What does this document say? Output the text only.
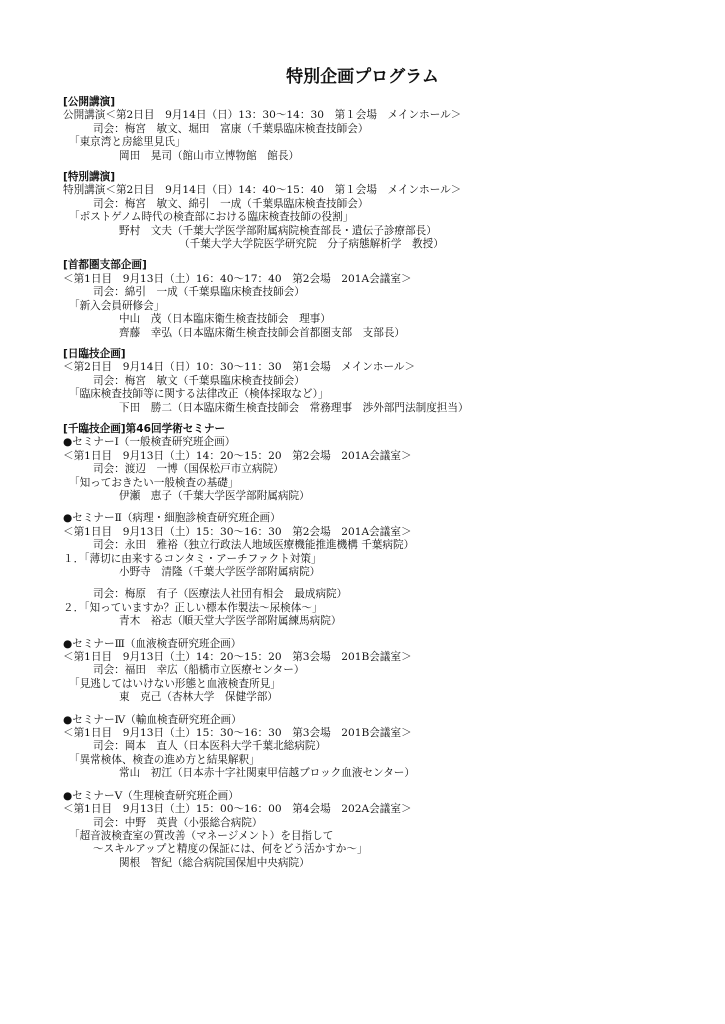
特別企画プログラム
[公開講演]
公開講演＜第2日目　9月14日（日）13：30～14：30　第１会場　メインホール＞
司会：梅宮　敏文、堀田　富康（千葉県臨床検査技師会）
「東京湾と房総里見氏」
岡田　晃司（館山市立博物館　館長）
[特別講演]
特別講演＜第2日目　9月14日（日）14：40～15：40　第１会場　メインホール＞
司会：梅宮　敏文、綿引　一成（千葉県臨床検査技師会）
「ポストゲノム時代の検査部における臨床検査技師の役割」
野村　文夫（千葉大学医学部附属病院検査部長・遺伝子診療部長）
（千葉大学大学院医学研究院　分子病態解析学　教授）
[首都圏支部企画]
＜第1日目　9月13日（土）16：40～17：40　第2会場　201A会議室＞
司会：綿引　一成（千葉県臨床検査技師会）
「新入会員研修会」
中山　茂（日本臨床衛生検査技師会　理事）
齊藤　幸弘（日本臨床衛生検査技師会首都圏支部　支部長）
[日臨技企画]
＜第2日目　9月14日（日）10：30～11：30　第1会場　メインホール＞
司会：梅宮　敏文（千葉県臨床検査技師会）
「臨床検査技師等に関する法律改正（検体採取など）」
下田　勝二（日本臨床衛生検査技師会　常務理事　渉外部門法制度担当）
[千臨技企画]第46回学術セミナー
●セミナーⅠ（一般検査研究班企画）
＜第1日目　9月13日（土）14：20～15：20　第2会場　201A会議室＞
司会：渡辺　一博（国保松戸市立病院）
「知っておきたい一般検査の基礎」
伊瀬　恵子（千葉大学医学部附属病院）
●セミナーⅡ（病理・細胞診検査研究班企画）
＜第1日目　9月13日（土）15：30～16：30　第2会場　201A会議室＞
司会：永田　雅裕（独立行政法人地域医療機能推進機構 千葉病院）
１．「薄切に由来するコンタミ・アーチファクト対策」
小野寺　清隆（千葉大学医学部附属病院）
司会：梅原　有子（医療法人社団有相会　最成病院）
２．「知っていますか？正しい標本作製法～尿検体～」
青木　裕志（順天堂大学医学部附属練馬病院）
●セミナーⅢ（血液検査研究班企画）
＜第1日目　9月13日（土）14：20～15：20　第3会場　201B会議室＞
司会：福田　幸広（船橋市立医療センター）
「見逃してはいけない形態と血液検査所見」
東　克己（杏林大学　保健学部）
●セミナーⅣ（輸血検査研究班企画）
＜第1日目　9月13日（土）15：30～16：30　第3会場　201B会議室＞
司会：岡本　直人（日本医科大学千葉北総病院）
「異常検体、検査の進め方と結果解釈」
常山　初江（日本赤十字社関東甲信越ブロック血液センター）
●セミナーⅤ（生理検査研究班企画）
＜第1日目　9月13日（土）15：00～16：00　第4会場　202A会議室＞
司会：中野　英貴（小張総合病院）
「超音波検査室の質改善（マネージメント）を目指して
～スキルアップと精度の保証には、何をどう活かすか～」
関根　智紀（総合病院国保旭中央病院）
